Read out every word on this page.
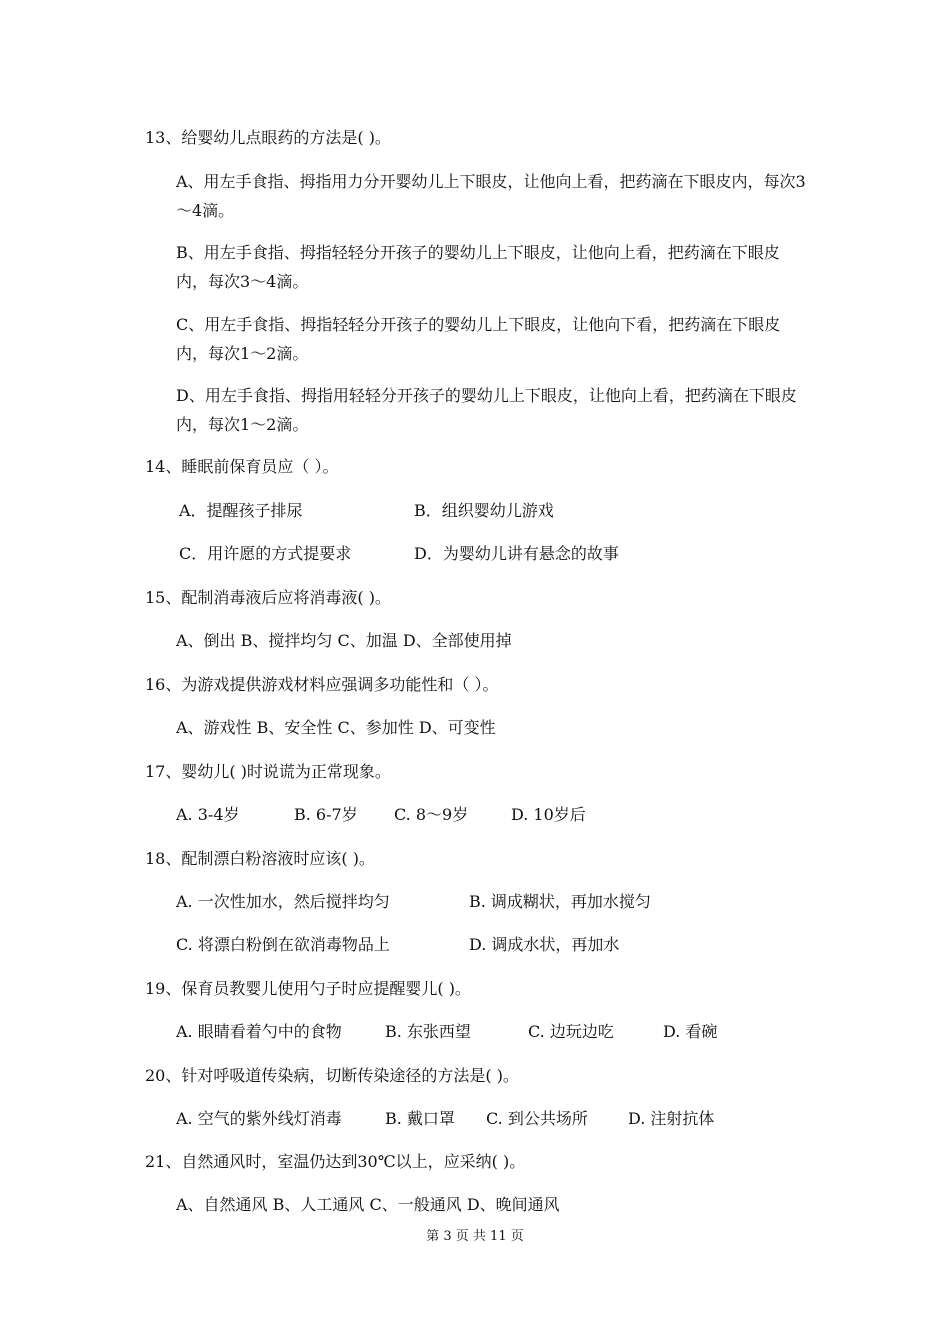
13、给婴幼儿点眼药的方法是( )。
A、用左手食指、拇指用力分开婴幼儿上下眼皮，让他向上看，把药滴在下眼皮内，每次3～4滴。
B、用左手食指、拇指轻轻分开孩子的婴幼儿上下眼皮，让他向上看，把药滴在下眼皮内，每次3～4滴。
C、用左手食指、拇指轻轻分开孩子的婴幼儿上下眼皮，让他向下看，把药滴在下眼皮内，每次1～2滴。
D、用左手食指、拇指用轻轻分开孩子的婴幼儿上下眼皮，让他向上看，把药滴在下眼皮内，每次1～2滴。
14、睡眠前保育员应（ ）。
A．提醒孩子排尿	B．组织婴幼儿游戏
C．用许愿的方式提要求	D．为婴幼儿讲有悬念的故事
15、配制消毒液后应将消毒液( )。
A、倒出 B、搅拌均匀 C、加温 D、全部使用掉
16、为游戏提供游戏材料应强调多功能性和（ ）。
A、游戏性 B、安全性 C、参加性 D、可变性
17、婴幼儿( )时说谎为正常现象。
A. 3-4岁	B. 6-7岁 C. 8～9岁	D. 10岁后
18、配制漂白粉溶液时应该( )。
A. 一次性加水，然后搅拌均匀	B. 调成糊状，再加水搅匀
C. 将漂白粉倒在欲消毒物品上	D. 调成水状，再加水
19、保育员教婴儿使用勺子时应提醒婴儿( )。
A. 眼睛看着勺中的食物	B. 东张西望	C. 边玩边吃	D. 看碗
20、针对呼吸道传染病，切断传染途径的方法是( )。
A. 空气的紫外线灯消毒	B. 戴口罩 C. 到公共场所	D. 注射抗体
21、自然通风时，室温仍达到30℃以上，应采纳( )。
A、自然通风 B、人工通风 C、一般通风 D、晚间通风
第 3 页 共 11 页
